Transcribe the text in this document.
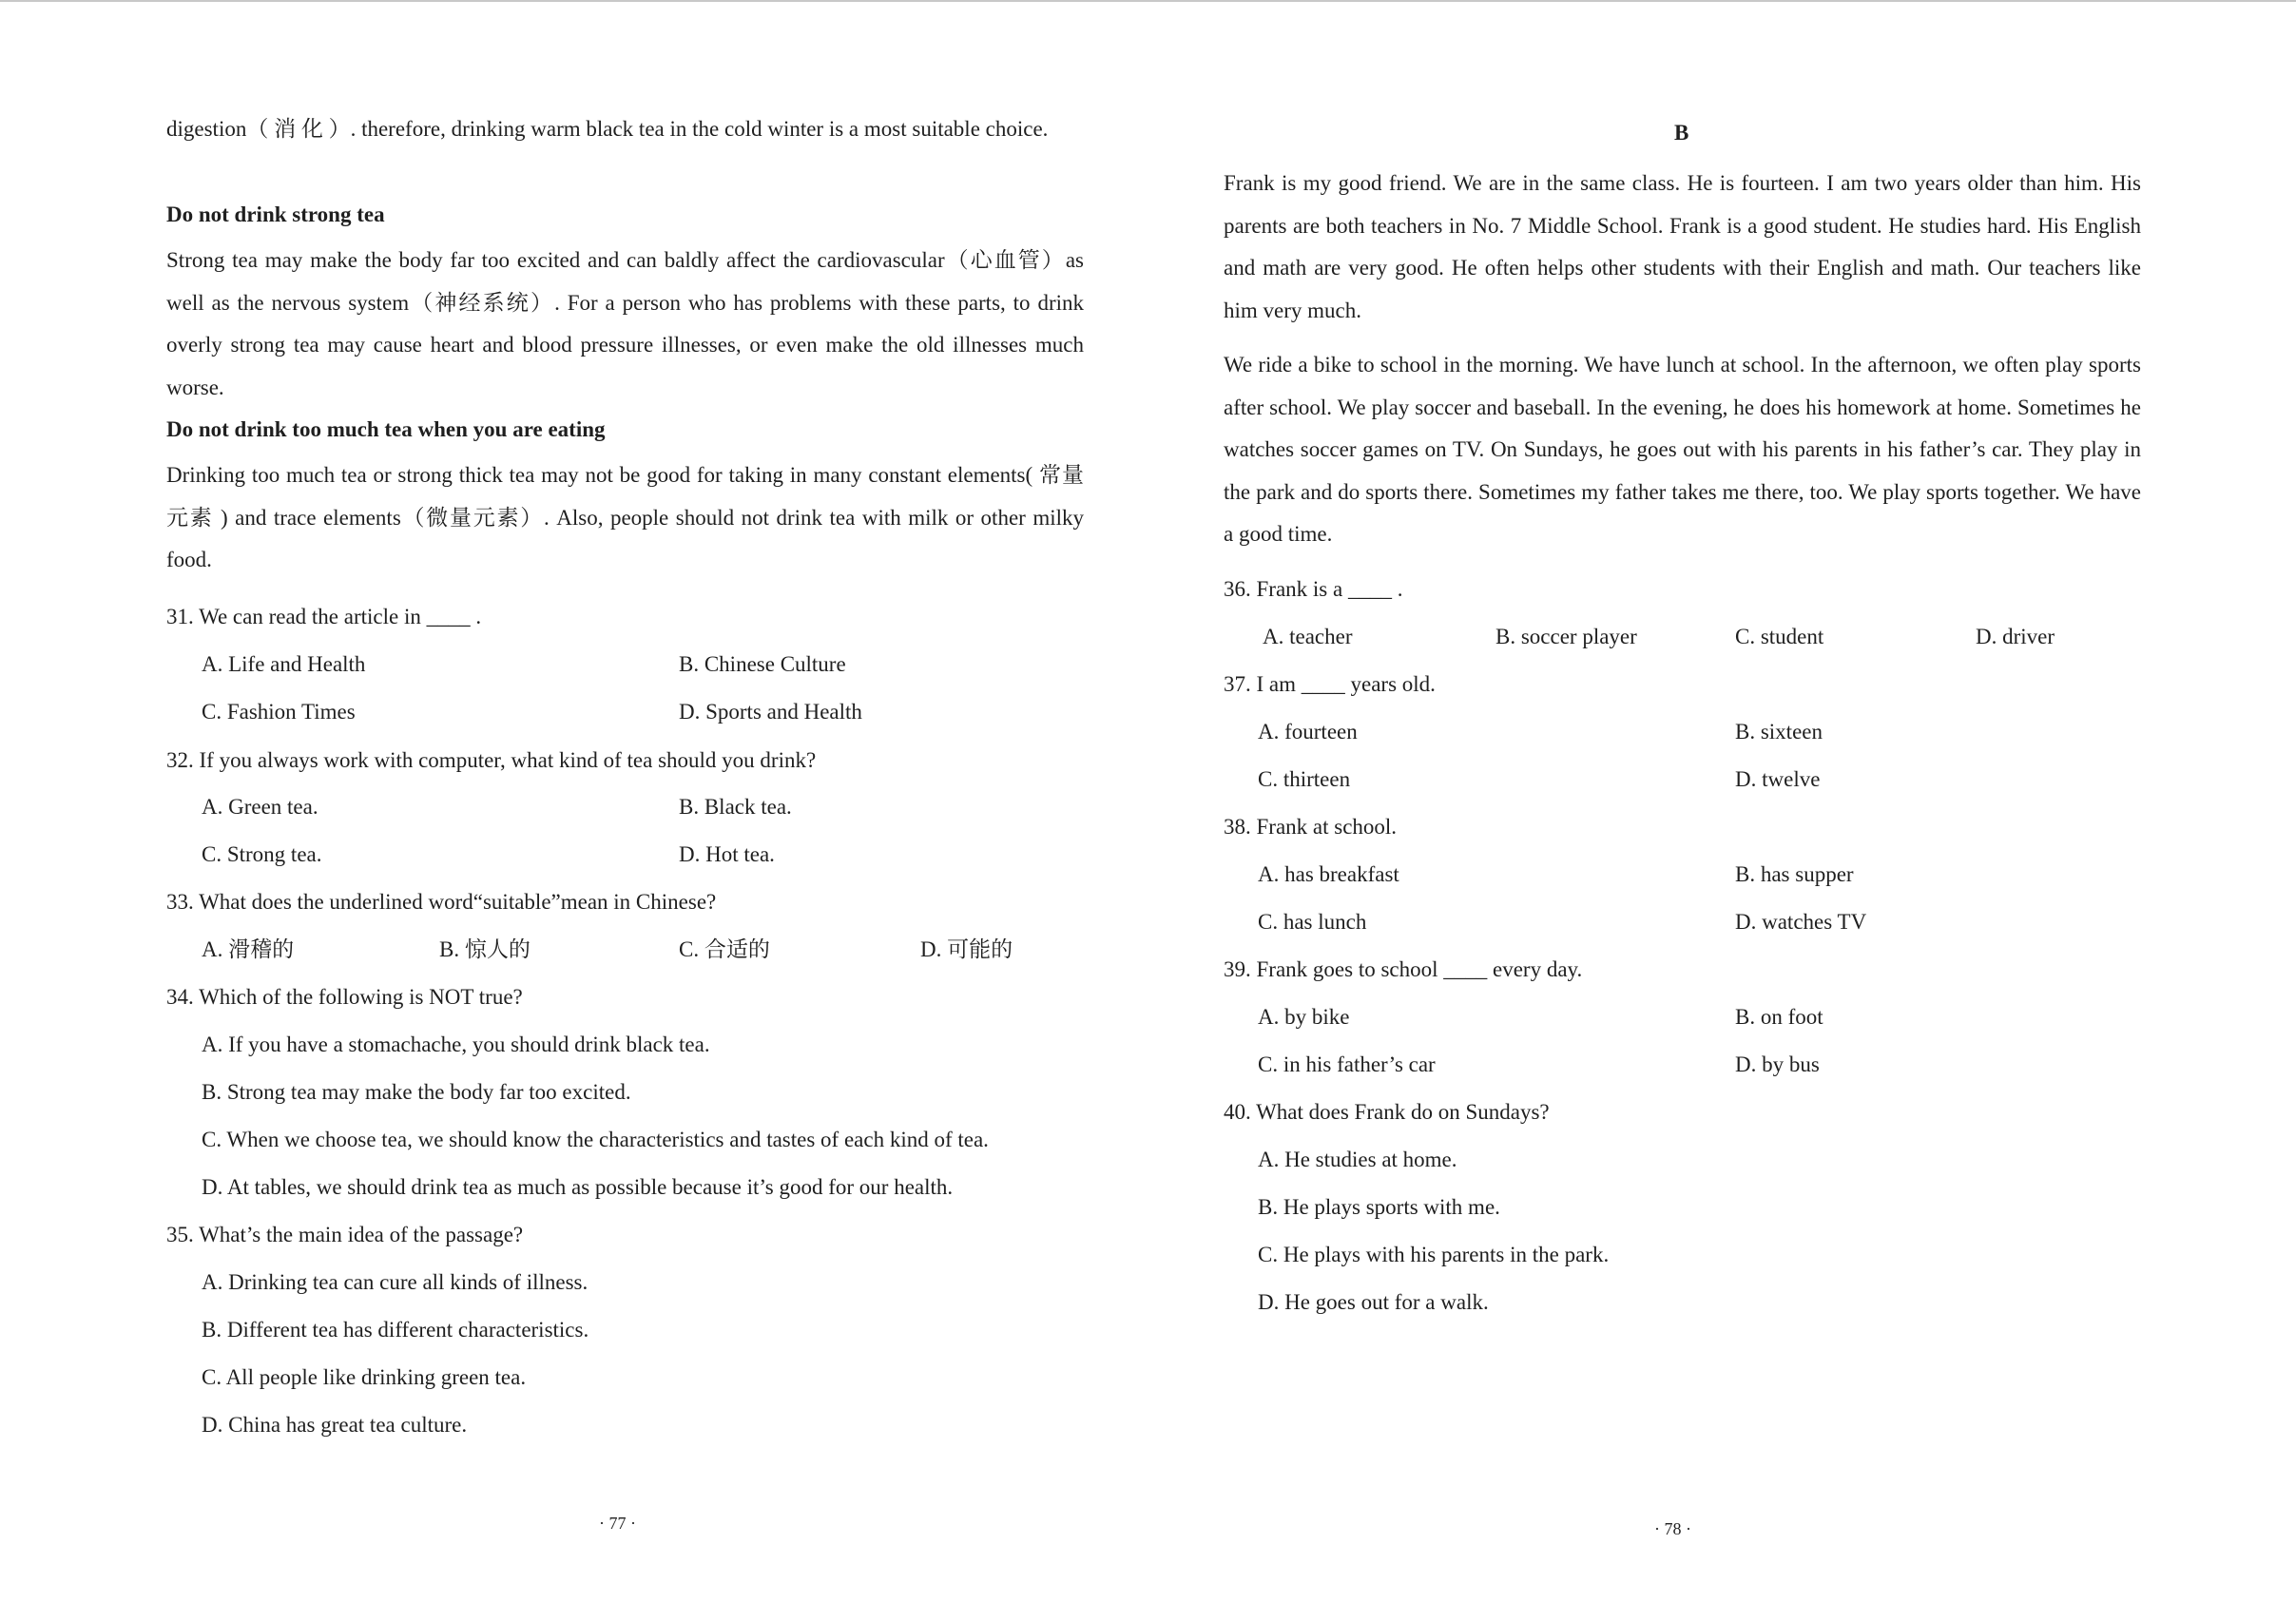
digestion（ 消 化 ）. therefore, drinking warm black tea in the cold winter is a most suitable choice.

Do not drink strong tea

Strong tea may make the body far too excited and can baldly affect the cardiovascular（心血管）as well as the nervous system（神经系统）. For a person who has problems with these parts, to drink overly strong tea may cause heart and blood pressure illnesses, or even make the old illnesses much worse.

Do not drink too much tea when you are eating

Drinking too much tea or strong thick tea may not be good for taking in many constant elements( 常量元素 ) and trace elements（微量元素）. Also, people should not drink tea with milk or other milky food.

31. We can read the article in ____ .
A. Life and Health	B. Chinese Culture
C. Fashion Times	D. Sports and Health
32. If you always work with computer, what kind of tea should you drink?
A. Green tea.	B. Black tea.
C. Strong tea.	D. Hot tea.
33. What does the underlined word“suitable”mean in Chinese?
A. 滑稽的	B. 惊人的	C. 合适的	D. 可能的
34. Which of the following is NOT true?
A. If you have a stomachache, you should drink black tea.
B. Strong tea may make the body far too excited.
C. When we choose tea, we should know the characteristics and tastes of each kind of tea.
D. At tables, we should drink tea as much as possible because it’s good for our health.
35. What’s the main idea of the passage?
A. Drinking tea can cure all kinds of illness.
B. Different tea has different characteristics.
C. All people like drinking green tea.
D. China has great tea culture.
· 77 ·
B

Frank is my good friend. We are in the same class. He is fourteen. I am two years older than him. His parents are both teachers in No. 7 Middle School. Frank is a good student. He studies hard. His English and math are very good. He often helps other students with their English and math. Our teachers like him very much.

We ride a bike to school in the morning. We have lunch at school. In the afternoon, we often play sports after school. We play soccer and baseball. In the evening, he does his homework at home. Sometimes he watches soccer games on TV. On Sundays, he goes out with his parents in his father’s car. They play in the park and do sports there. Sometimes my father takes me there, too. We play sports together. We have a good time.

36. Frank is a ____ .
A. teacher	B. soccer player	C. student	D. driver
37. I am ____ years old.
A. fourteen	B. sixteen
C. thirteen	D. twelve
38. Frank at school.
A. has breakfast	B. has supper
C. has lunch	D. watches TV
39. Frank goes to school ____ every day.
A. by bike	B. on foot
C. in his father’s car	D. by bus
40. What does Frank do on Sundays?
A. He studies at home.
B. He plays sports with me.
C. He plays with his parents in the park.
D. He goes out for a walk.
· 78 ·
